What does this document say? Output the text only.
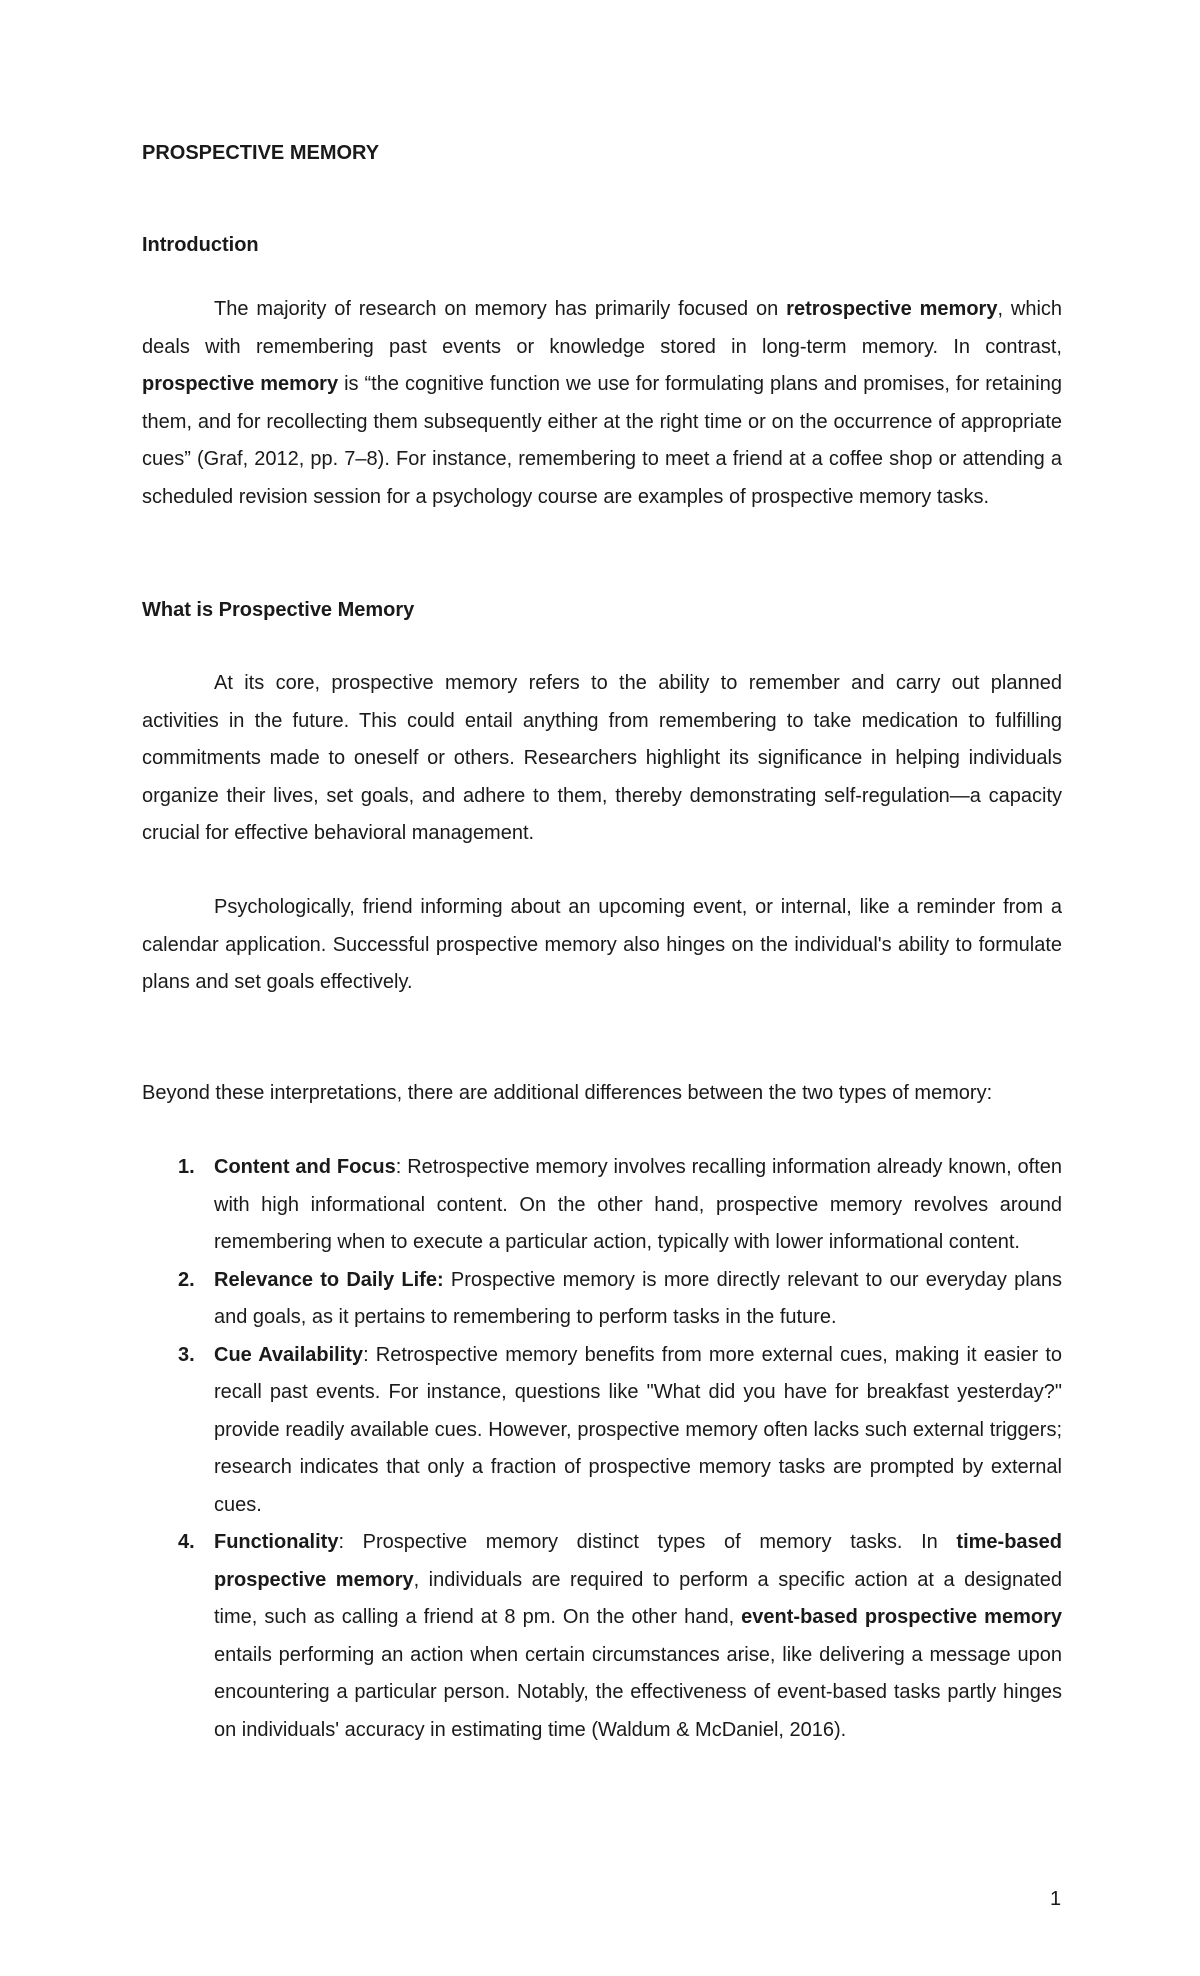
PROSPECTIVE MEMORY
Introduction

The majority of research on memory has primarily focused on retrospective memory, which deals with remembering past events or knowledge stored in long-term memory. In contrast, prospective memory is “the cognitive function we use for formulating plans and promises, for retaining them, and for recollecting them subsequently either at the right time or on the occurrence of appropriate cues” (Graf, 2012, pp. 7–8). For instance, remembering to meet a friend at a coffee shop or attending a scheduled revision session for a psychology course are examples of prospective memory tasks.

What is Prospective Memory

At its core, prospective memory refers to the ability to remember and carry out planned activities in the future. This could entail anything from remembering to take medication to fulfilling commitments made to oneself or others. Researchers highlight its significance in helping individuals organize their lives, set goals, and adhere to them, thereby demonstrating self-regulation—a capacity crucial for effective behavioral management.

Psychologically, friend informing about an upcoming event, or internal, like a reminder from a calendar application. Successful prospective memory also hinges on the individual's ability to formulate plans and set goals effectively.

Beyond these interpretations, there are additional differences between the two types of memory:

1. Content and Focus: Retrospective memory involves recalling information already known, often with high informational content. On the other hand, prospective memory revolves around remembering when to execute a particular action, typically with lower informational content.
2. Relevance to Daily Life: Prospective memory is more directly relevant to our everyday plans and goals, as it pertains to remembering to perform tasks in the future.
3. Cue Availability: Retrospective memory benefits from more external cues, making it easier to recall past events. For instance, questions like "What did you have for breakfast yesterday?" provide readily available cues. However, prospective memory often lacks such external triggers; research indicates that only a fraction of prospective memory tasks are prompted by external cues.
4. Functionality: Prospective memory distinct types of memory tasks. In time-based prospective memory, individuals are required to perform a specific action at a designated time, such as calling a friend at 8 pm. On the other hand, event-based prospective memory entails performing an action when certain circumstances arise, like delivering a message upon encountering a particular person. Notably, the effectiveness of event-based tasks partly hinges on individuals' accuracy in estimating time (Waldum & McDaniel, 2016).

1
